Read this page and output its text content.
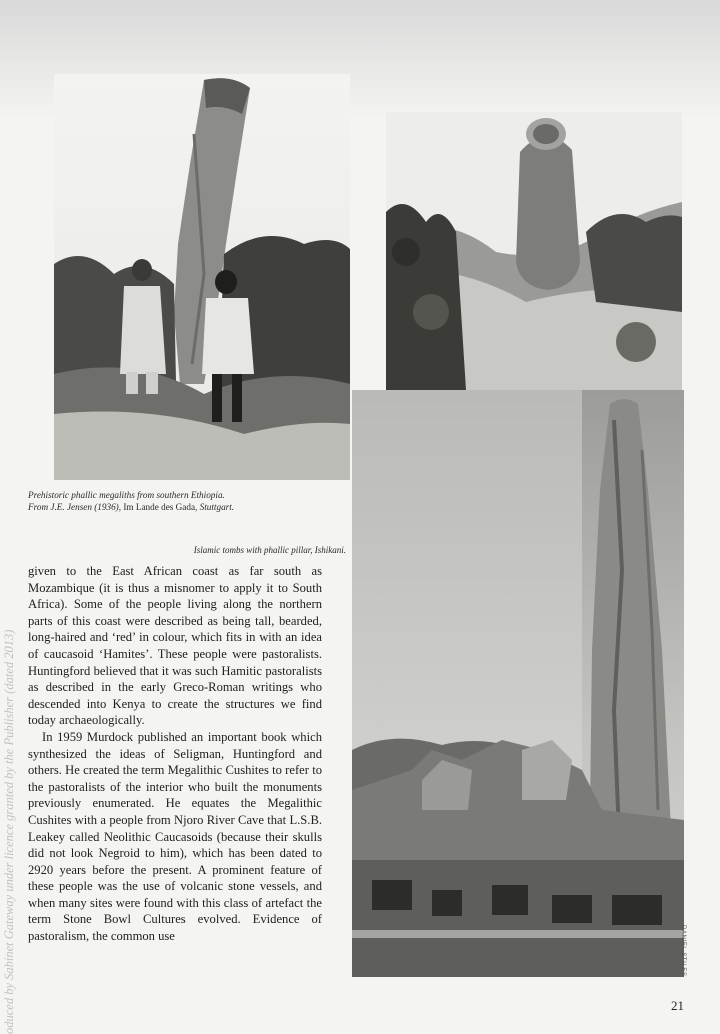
Prehistoric phallic megaliths from southern Ethiopia.
From J.E. Jensen (1936), Im Lande des Gada, Stuttgart.
Islamic tombs with phallic pillar, Ishikani.

given to the East African coast as far south as Mozambique (it is thus a misnomer to apply it to South Africa). Some of the people living along the northern parts of this coast were described as being tall, bearded, long-haired and ‘red’ in colour, which fits in with an idea of caucasoid ‘Hamites’. These people were pastoralists. Huntingford believed that it was such Hamitic pastoralists as described in the early Greco-Roman writings who descended into Kenya to create the structures we find today archaeologically.

In 1959 Murdock published an important book which synthesized the ideas of Seligman, Huntingford and others. He created the term Megalithic Cushites to refer to the pastoralists of the interior who built the monuments previously enumerated. He equates the Megalithic Cushites with a people from Njoro River Cave that L.S.B. Leakey called Neolithic Caucasoids (because their skulls did not look Negroid to him), which has been dated to 2920 years before the present. A prominent feature of these people was the use of volcanic stone vessels, and when many sites were found with this class of artefact the term Stone Bowl Cultures evolved. Evidence of pastoralism, the common use	DANIEL STILES
oduced by Sabinet Gateway under licence granted by the Publisher (dated 2013)	21
